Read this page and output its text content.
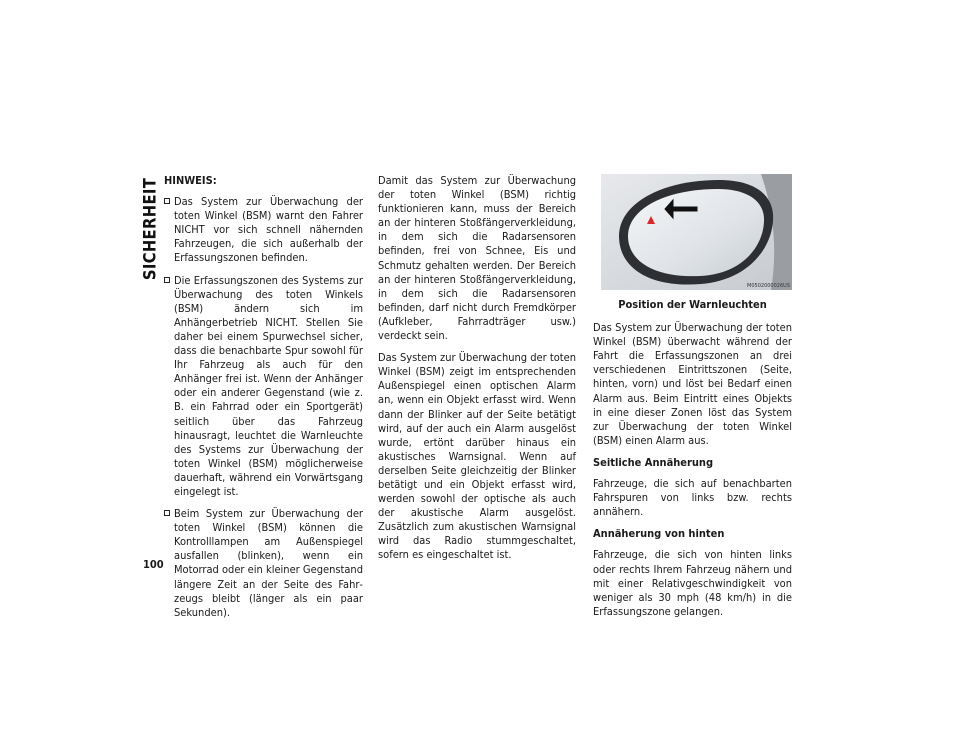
SICHERHEIT
100
HINWEIS:
Das System zur Überwachung der toten Winkel (BSM) warnt den Fahrer NICHT vor sich schnell nähernden Fahrzeugen, die sich außerhalb der Erfassungszonen befinden.
Die Erfassungszonen des Systems zur Überwachung des toten Winkels (BSM) ändern sich im Anhängerbetrieb NICHT. Stellen Sie daher bei einem Spurwechsel sicher, dass die benachbarte Spur sowohl für Ihr Fahrzeug als auch für den Anhänger frei ist. Wenn der Anhänger oder ein anderer Gegenstand (wie z. B. ein Fahrrad oder ein Sportgerät) seitlich über das Fahrzeug hinausragt, leuchtet die Warnleuchte des Systems zur Überwachung der toten Winkel (BSM) möglicherweise dauerhaft, während ein Vorwärtsgang eingelegt ist.
Beim System zur Überwachung der toten Winkel (BSM) können die Kontrolllampen am Außenspiegel ausfallen (blinken), wenn ein Motorrad oder ein kleiner Gegenstand längere Zeit an der Seite des Fahrzeugs bleibt (länger als ein paar Sekunden).

Damit das System zur Überwachung der toten Winkel (BSM) richtig funktionieren kann, muss der Bereich an der hinteren Stoßfängerverkleidung, in dem sich die Radarsensoren befinden, frei von Schnee, Eis und Schmutz gehalten werden. Der Bereich an der hinteren Stoßfängerverkleidung, in dem sich die Radarsensoren befinden, darf nicht durch Fremdkörper (Aufkleber, Fahrradträger usw.) verdeckt sein.

Das System zur Überwachung der toten Winkel (BSM) zeigt im entsprechenden Außenspiegel einen optischen Alarm an, wenn ein Objekt erfasst wird. Wenn dann der Blinker auf der Seite betätigt wird, auf der auch ein Alarm ausgelöst wurde, ertönt darüber hinaus ein akustisches Warnsignal. Wenn auf derselben Seite gleichzeitig der Blinker betätigt und ein Objekt erfasst wird, werden sowohl der optische als auch der akustische Alarm ausgelöst. Zusätzlich zum akustischen Warnsignal wird das Radio stummgeschaltet, sofern es eingeschaltet ist.

M0502000026US
Position der Warnleuchten

Das System zur Überwachung der toten Winkel (BSM) überwacht während der Fahrt die Erfassungszonen an drei verschiedenen Eintrittszonen (Seite, hinten, vorn) und löst bei Bedarf einen Alarm aus. Beim Eintritt eines Objekts in eine dieser Zonen löst das System zur Überwachung der toten Winkel (BSM) einen Alarm aus.

Seitliche Annäherung

Fahrzeuge, die sich auf benachbarten Fahrspuren von links bzw. rechts annähern.

Annäherung von hinten

Fahrzeuge, die sich von hinten links oder rechts Ihrem Fahrzeug nähern und mit einer Relativgeschwindigkeit von weniger als 30 mph (48 km/h) in die Erfassungszone gelangen.
